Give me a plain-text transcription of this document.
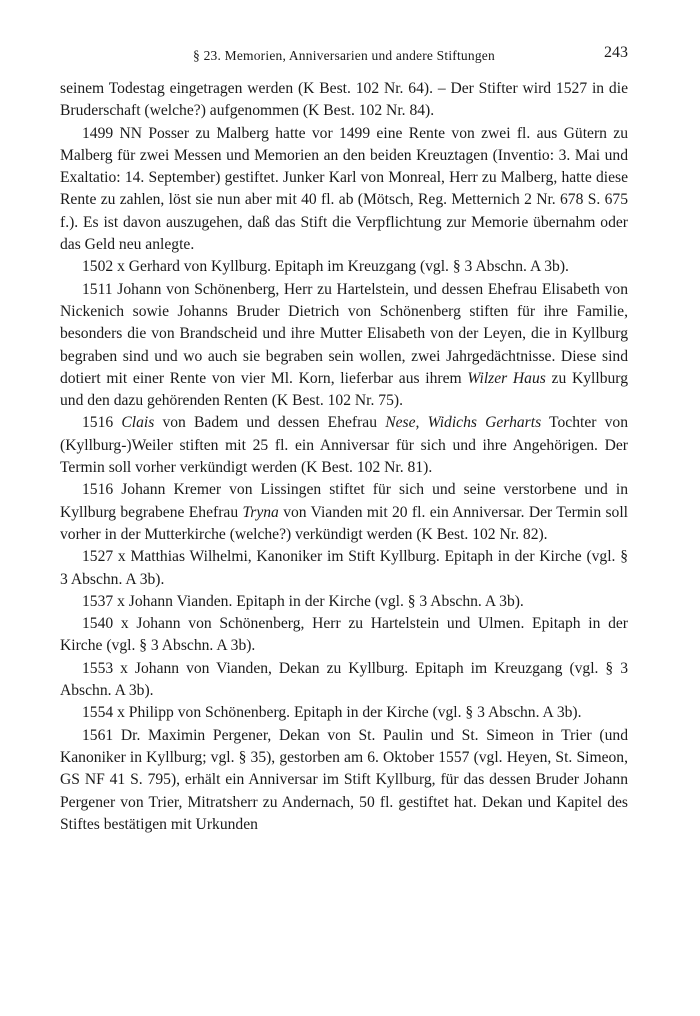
§ 23. Memorien, Anniversarien und andere Stiftungen	243

seinem Todestag eingetragen werden (K Best. 102 Nr. 64). – Der Stifter wird 1527 in die Bruderschaft (welche?) aufgenommen (K Best. 102 Nr. 84).

1499 NN Posser zu Malberg hatte vor 1499 eine Rente von zwei fl. aus Gütern zu Malberg für zwei Messen und Memorien an den beiden Kreuztagen (Inventio: 3. Mai und Exaltatio: 14. September) gestiftet. Junker Karl von Monreal, Herr zu Malberg, hatte diese Rente zu zahlen, löst sie nun aber mit 40 fl. ab (Mötsch, Reg. Metternich 2 Nr. 678 S. 675 f.). Es ist davon auszugehen, daß das Stift die Verpflichtung zur Memorie übernahm oder das Geld neu anlegte.

1502 x Gerhard von Kyllburg. Epitaph im Kreuzgang (vgl. § 3 Abschn. A 3b).

1511 Johann von Schönenberg, Herr zu Hartelstein, und dessen Ehefrau Elisabeth von Nickenich sowie Johanns Bruder Dietrich von Schönenberg stiften für ihre Familie, besonders die von Brandscheid und ihre Mutter Elisabeth von der Leyen, die in Kyllburg begraben sind und wo auch sie begraben sein wollen, zwei Jahrgedächtnisse. Diese sind dotiert mit einer Rente von vier Ml. Korn, lieferbar aus ihrem Wilzer Haus zu Kyllburg und den dazu gehörenden Renten (K Best. 102 Nr. 75).

1516 Clais von Badem und dessen Ehefrau Nese, Widichs Gerharts Tochter von (Kyllburg-)Weiler stiften mit 25 fl. ein Anniversar für sich und ihre Angehörigen. Der Termin soll vorher verkündigt werden (K Best. 102 Nr. 81).

1516 Johann Kremer von Lissingen stiftet für sich und seine verstorbene und in Kyllburg begrabene Ehefrau Tryna von Vianden mit 20 fl. ein Anniversar. Der Termin soll vorher in der Mutterkirche (welche?) verkündigt werden (K Best. 102 Nr. 82).

1527 x Matthias Wilhelmi, Kanoniker im Stift Kyllburg. Epitaph in der Kirche (vgl. § 3 Abschn. A 3b).

1537 x Johann Vianden. Epitaph in der Kirche (vgl. § 3 Abschn. A 3b).

1540 x Johann von Schönenberg, Herr zu Hartelstein und Ulmen. Epitaph in der Kirche (vgl. § 3 Abschn. A 3b).

1553 x Johann von Vianden, Dekan zu Kyllburg. Epitaph im Kreuzgang (vgl. § 3 Abschn. A 3b).

1554 x Philipp von Schönenberg. Epitaph in der Kirche (vgl. § 3 Abschn. A 3b).

1561 Dr. Maximin Pergener, Dekan von St. Paulin und St. Simeon in Trier (und Kanoniker in Kyllburg; vgl. § 35), gestorben am 6. Oktober 1557 (vgl. Heyen, St. Simeon, GS NF 41 S. 795), erhält ein Anniversar im Stift Kyllburg, für das dessen Bruder Johann Pergener von Trier, Mitratsherr zu Andernach, 50 fl. gestiftet hat. Dekan und Kapitel des Stiftes bestätigen mit Urkunden
